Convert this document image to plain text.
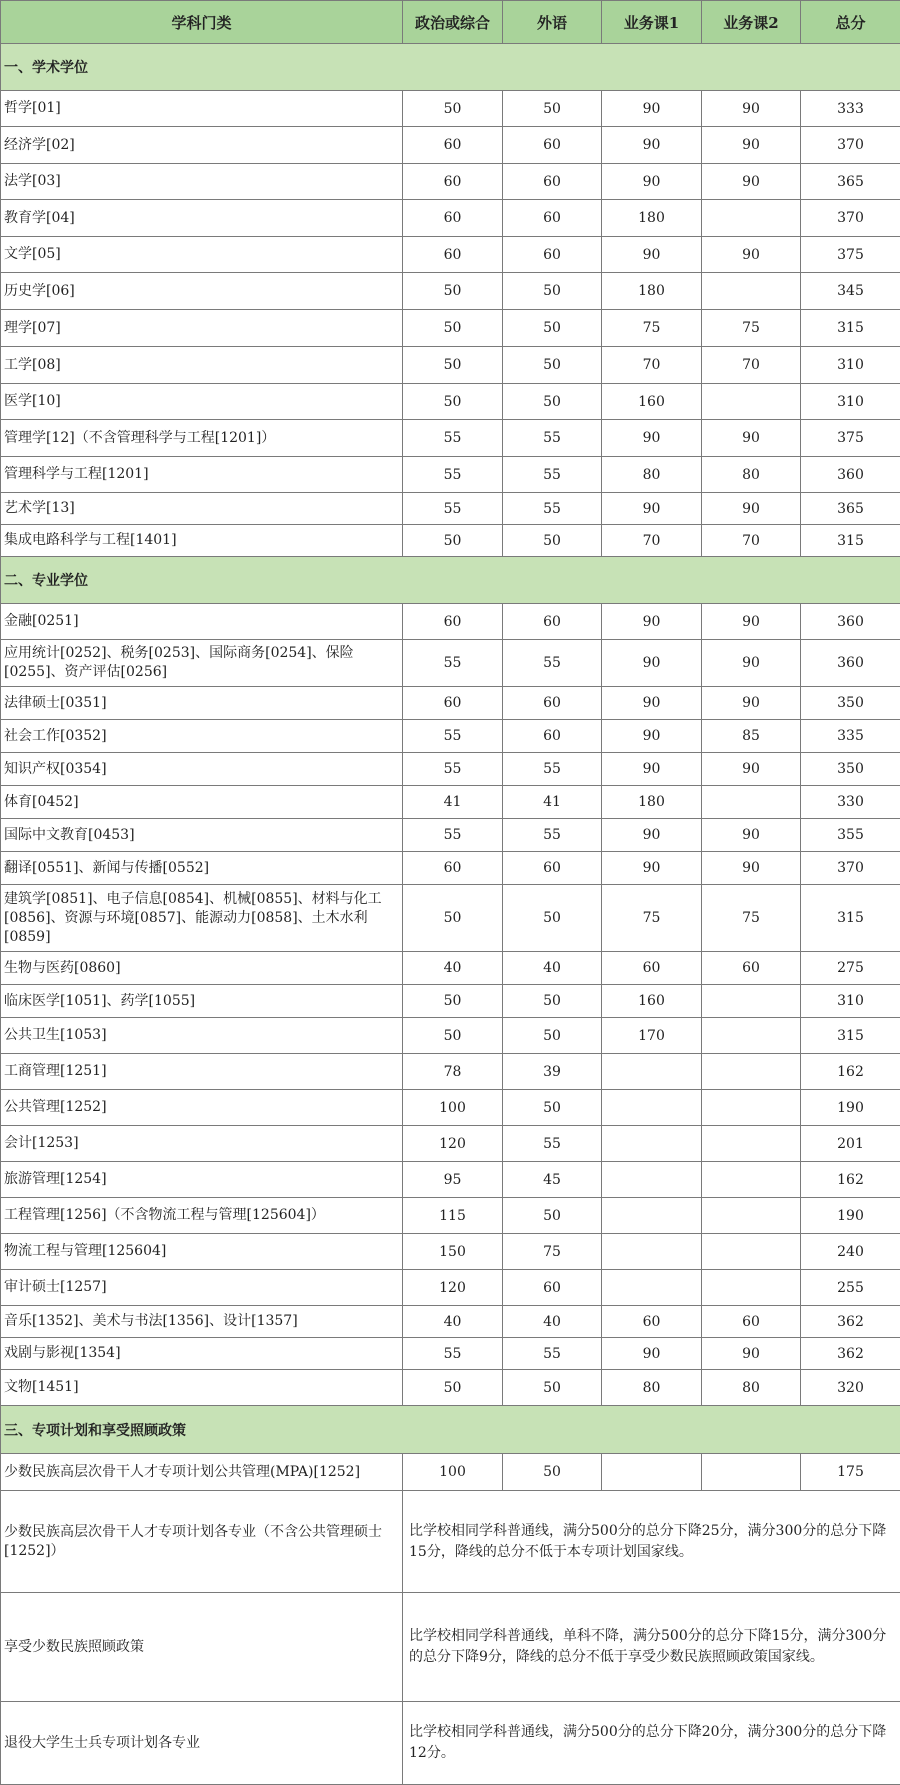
学科门类	政治或综合	外语	业务课1	业务课2	总分
一、学术学位					
哲学[01]	50	50	90	90	333
经济学[02]	60	60	90	90	370
法学[03]	60	60	90	90	365
教育学[04]	60	60	180		370
文学[05]	60	60	90	90	375
历史学[06]	50	50	180		345
理学[07]	50	50	75	75	315
工学[08]	50	50	70	70	310
医学[10]	50	50	160		310
管理学[12]（不含管理科学与工程[1201]）	55	55	90	90	375
管理科学与工程[1201]	55	55	80	80	360
艺术学[13]	55	55	90	90	365
集成电路科学与工程[1401]	50	50	70	70	315
二、专业学位					
金融[0251]	60	60	90	90	360
应用统计[0252]、税务[0253]、国际商务[0254]、保险[0255]、资产评估[0256]	55	55	90	90	360
法律硕士[0351]	60	60	90	90	350
社会工作[0352]	55	60	90	85	335
知识产权[0354]	55	55	90	90	350
体育[0452]	41	41	180		330
国际中文教育[0453]	55	55	90	90	355
翻译[0551]、新闻与传播[0552]	60	60	90	90	370
建筑学[0851]、电子信息[0854]、机械[0855]、材料与化工[0856]、资源与环境[0857]、能源动力[0858]、土木水利[0859]	50	50	75	75	315
生物与医药[0860]	40	40	60	60	275
临床医学[1051]、药学[1055]	50	50	160		310
公共卫生[1053]	50	50	170		315
工商管理[1251]	78	39			162
公共管理[1252]	100	50			190
会计[1253]	120	55			201
旅游管理[1254]	95	45			162
工程管理[1256]（不含物流工程与管理[125604]）	115	50			190
物流工程与管理[125604]	150	75			240
审计硕士[1257]	120	60			255
音乐[1352]、美术与书法[1356]、设计[1357]	40	40	60	60	362
戏剧与影视[1354]	55	55	90	90	362
文物[1451]	50	50	80	80	320
三、专项计划和享受照顾政策					
少数民族高层次骨干人才专项计划公共管理(MPA)[1252]	100	50			175
少数民族高层次骨干人才专项计划各专业（不含公共管理硕士[1252]）	比学校相同学科普通线，满分500分的总分下降25分，满分300分的总分下降15分，降线的总分不低于本专项计划国家线。				
享受少数民族照顾政策	比学校相同学科普通线，单科不降，满分500分的总分下降15分，满分300分的总分下降9分，降线的总分不低于享受少数民族照顾政策国家线。				
退役大学生士兵专项计划各专业	比学校相同学科普通线，满分500分的总分下降20分，满分300分的总分下降12分。				
